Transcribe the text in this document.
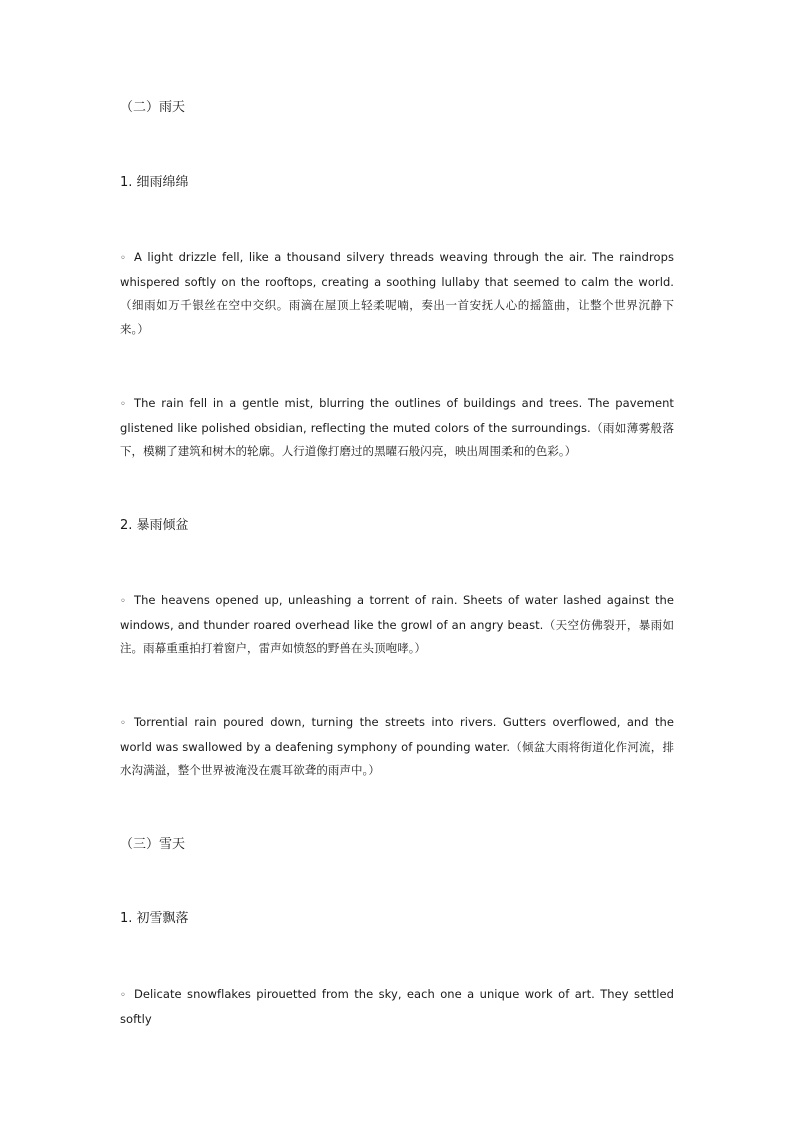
（二）雨天
1. 细雨绵绵
◦ A light drizzle fell, like a thousand silvery threads weaving through the air. The raindrops whispered softly on the rooftops, creating a soothing lullaby that seemed to calm the world.（细雨如万千银丝在空中交织。雨滴在屋顶上轻柔呢喃，奏出一首安抚人心的摇篮曲，让整个世界沉静下来。）
◦ The rain fell in a gentle mist, blurring the outlines of buildings and trees. The pavement glistened like polished obsidian, reflecting the muted colors of the surroundings.（雨如薄雾般落下，模糊了建筑和树木的轮廓。人行道像打磨过的黑曜石般闪亮，映出周围柔和的色彩。）
2. 暴雨倾盆
◦ The heavens opened up, unleashing a torrent of rain. Sheets of water lashed against the windows, and thunder roared overhead like the growl of an angry beast.（天空仿佛裂开，暴雨如注。雨幕重重拍打着窗户，雷声如愤怒的野兽在头顶咆哮。）
◦ Torrential rain poured down, turning the streets into rivers. Gutters overflowed, and the world was swallowed by a deafening symphony of pounding water.（倾盆大雨将街道化作河流，排水沟满溢，整个世界被淹没在震耳欲聋的雨声中。）
（三）雪天
1. 初雪飘落
◦ Delicate snowflakes pirouetted from the sky, each one a unique work of art. They settled softly
